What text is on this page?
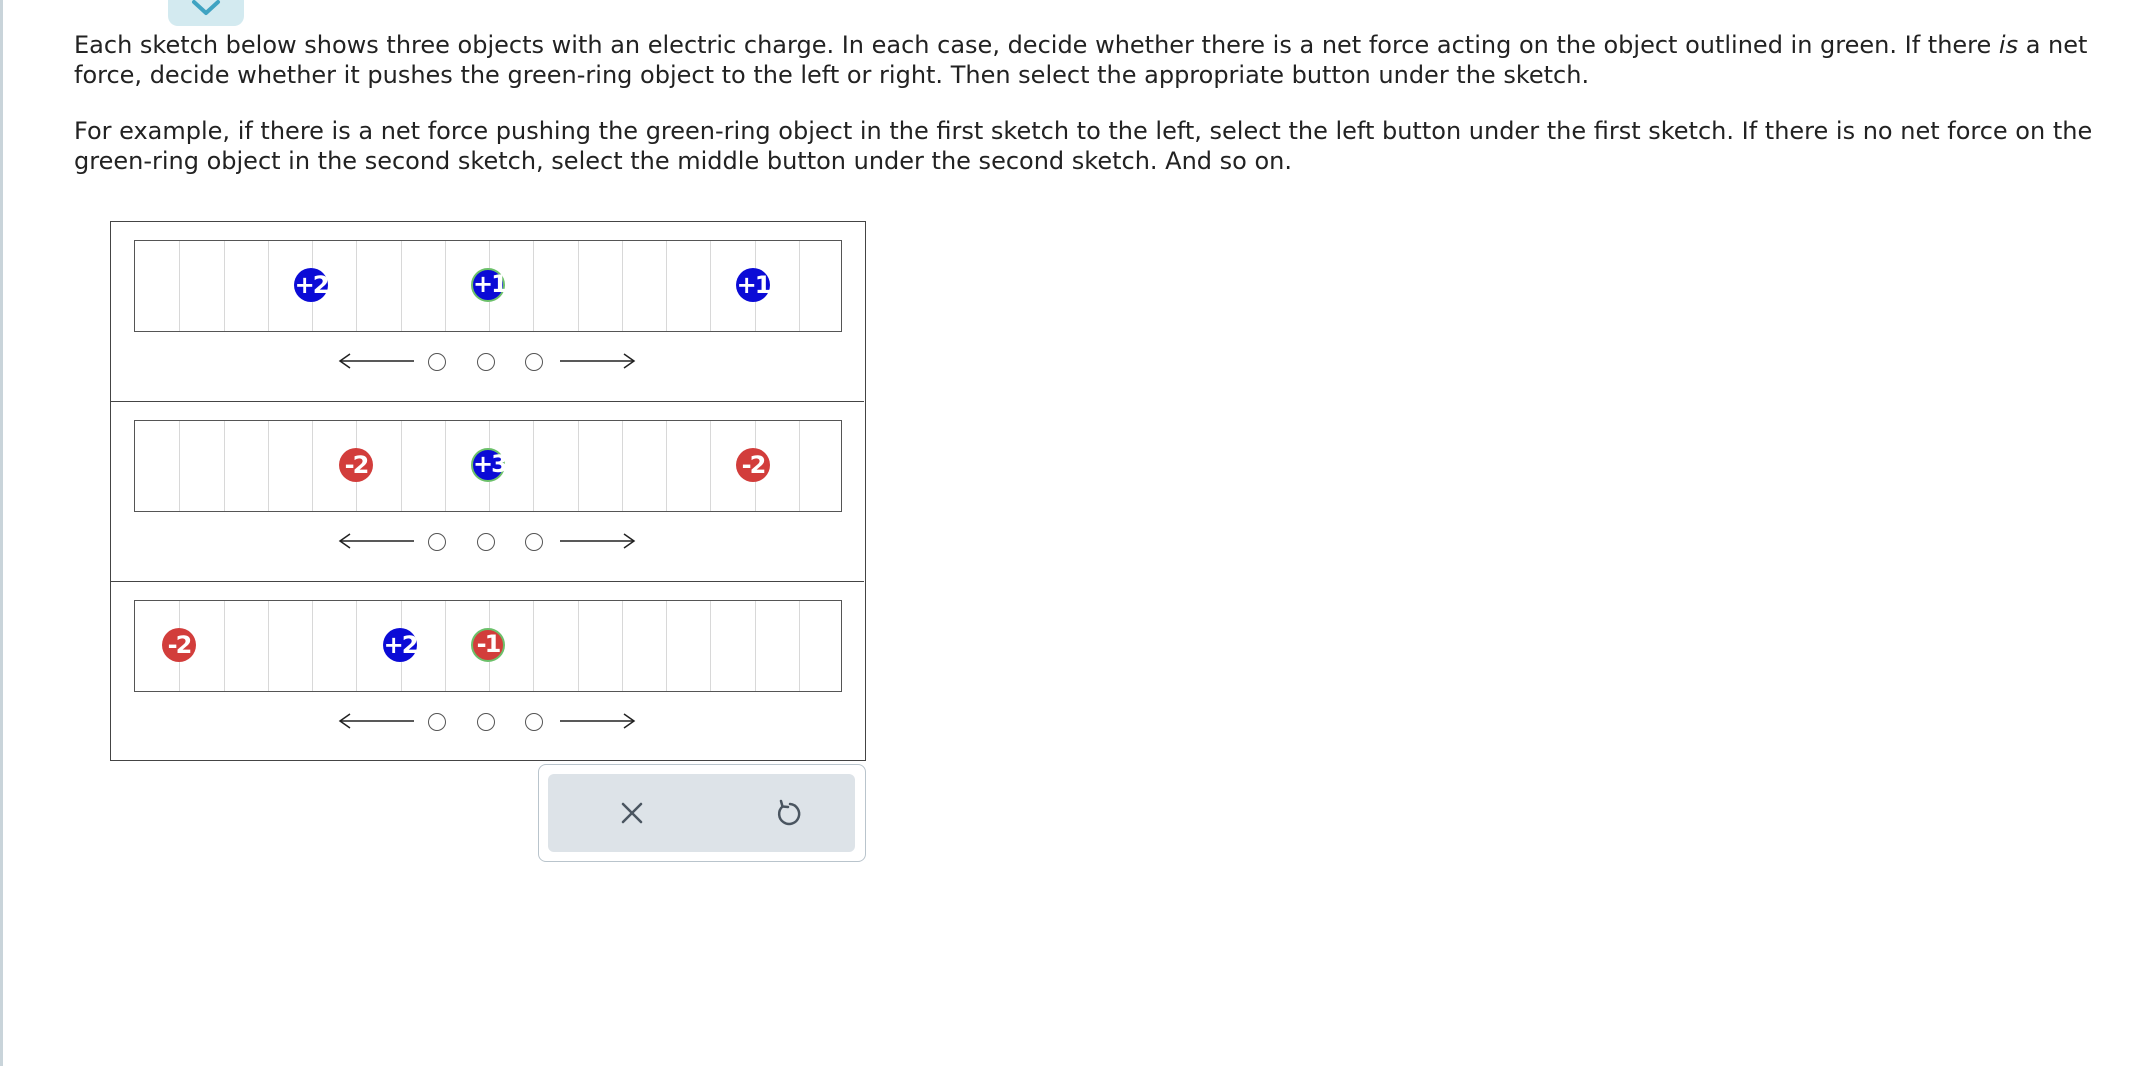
Each sketch below shows three objects with an electric charge. In each case, decide whether there is a net force acting on the object outlined in green. If there is a net force, decide whether it pushes the green-ring object to the left or right. Then select the appropriate button under the sketch.

For example, if there is a net force pushing the green-ring object in the first sketch to the left, select the left button under the first sketch. If there is no net force on the green-ring object in the second sketch, select the middle button under the second sketch. And so on.

+2	+1	+1
-2	+3	-2
-2	+2	-1
